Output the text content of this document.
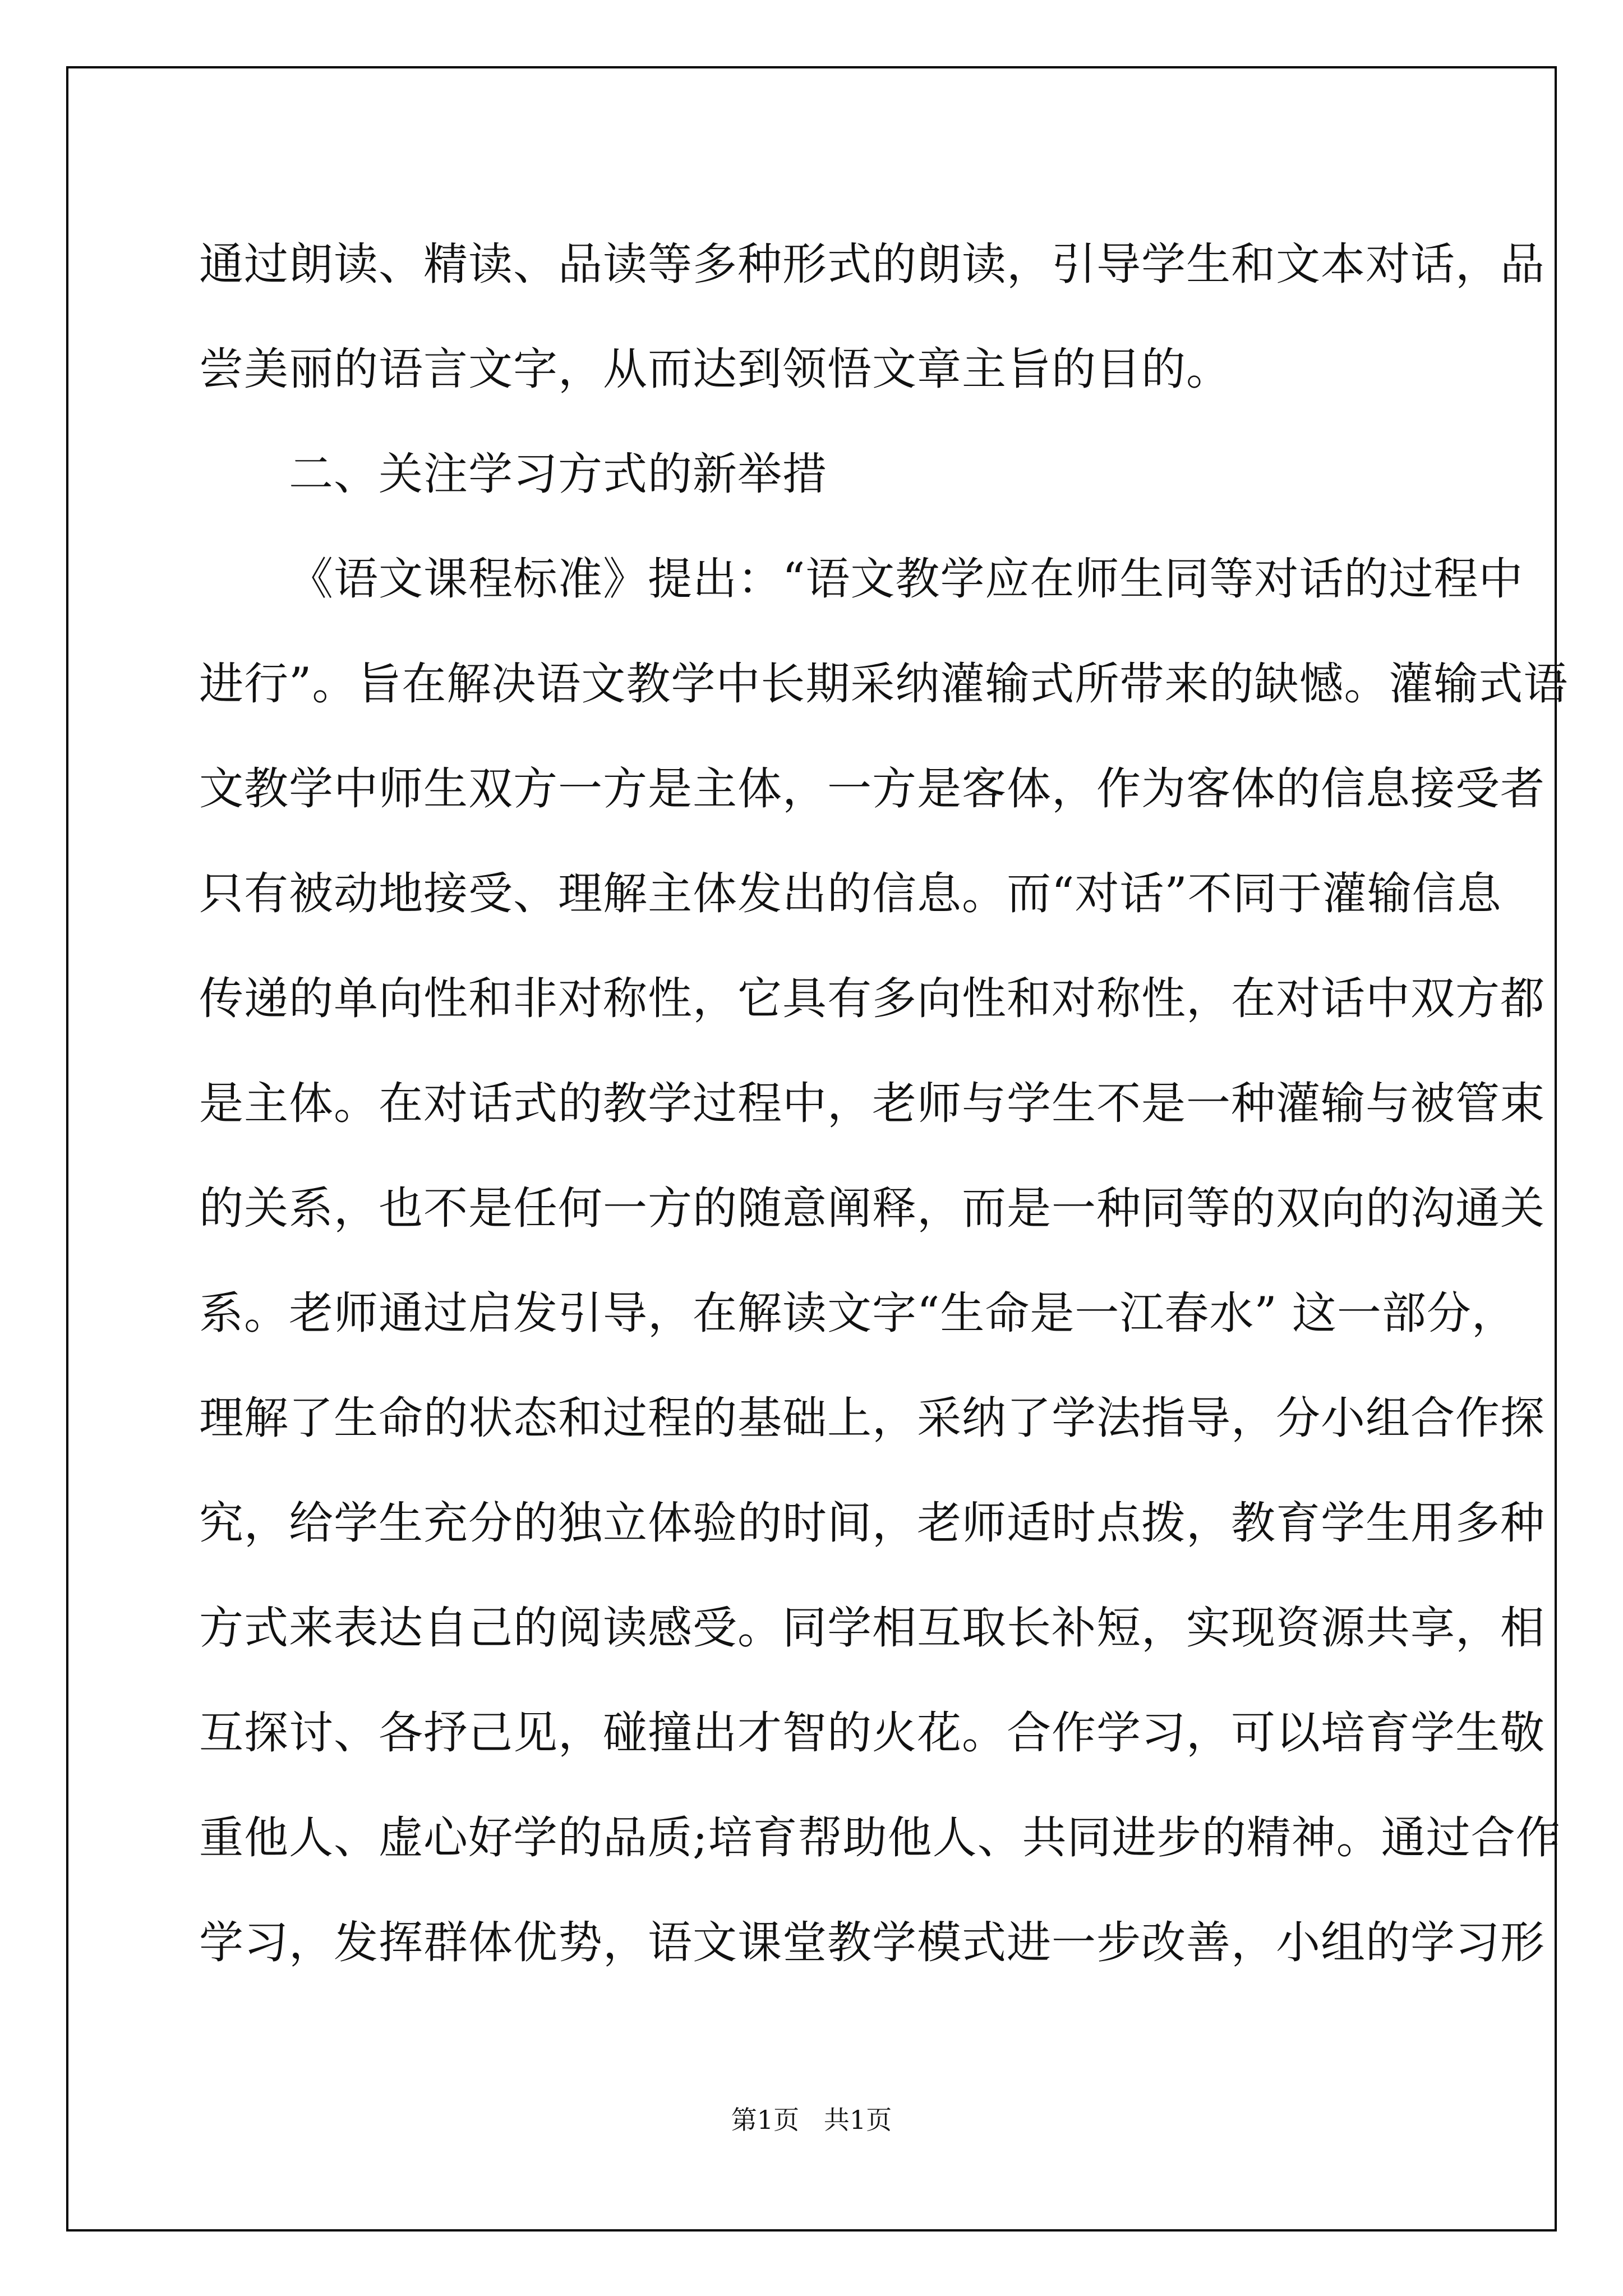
通过朗读、精读、品读等多种形式的朗读，引导学生和文本对话，品
尝美丽的语言文字，从而达到领悟文章主旨的目的。
二、关注学习方式的新举措
《语文课程标准》提出：“语文教学应在师生同等对话的过程中
进行”。旨在解决语文教学中长期采纳灌输式所带来的缺憾。灌输式语
文教学中师生双方一方是主体，一方是客体，作为客体的信息接受者
只有被动地接受、理解主体发出的信息。而“对话”不同于灌输信息
传递的单向性和非对称性，它具有多向性和对称性，在对话中双方都
是主体。在对话式的教学过程中，老师与学生不是一种灌输与被管束
的关系，也不是任何一方的随意阐释，而是一种同等的双向的沟通关
系。老师通过启发引导，在解读文字“生命是一江春水” 这一部分，
理解了生命的状态和过程的基础上，采纳了学法指导，分小组合作探
究，给学生充分的独立体验的时间，老师适时点拨，教育学生用多种
方式来表达自己的阅读感受。同学相互取长补短，实现资源共享，相
互探讨、各抒己见，碰撞出才智的火花。合作学习，可以培育学生敬
重他人、虚心好学的品质;培育帮助他人、共同进步的精神。通过合作
学习，发挥群体优势，语文课堂教学模式进一步改善，小组的学习形
第1页   共1页
